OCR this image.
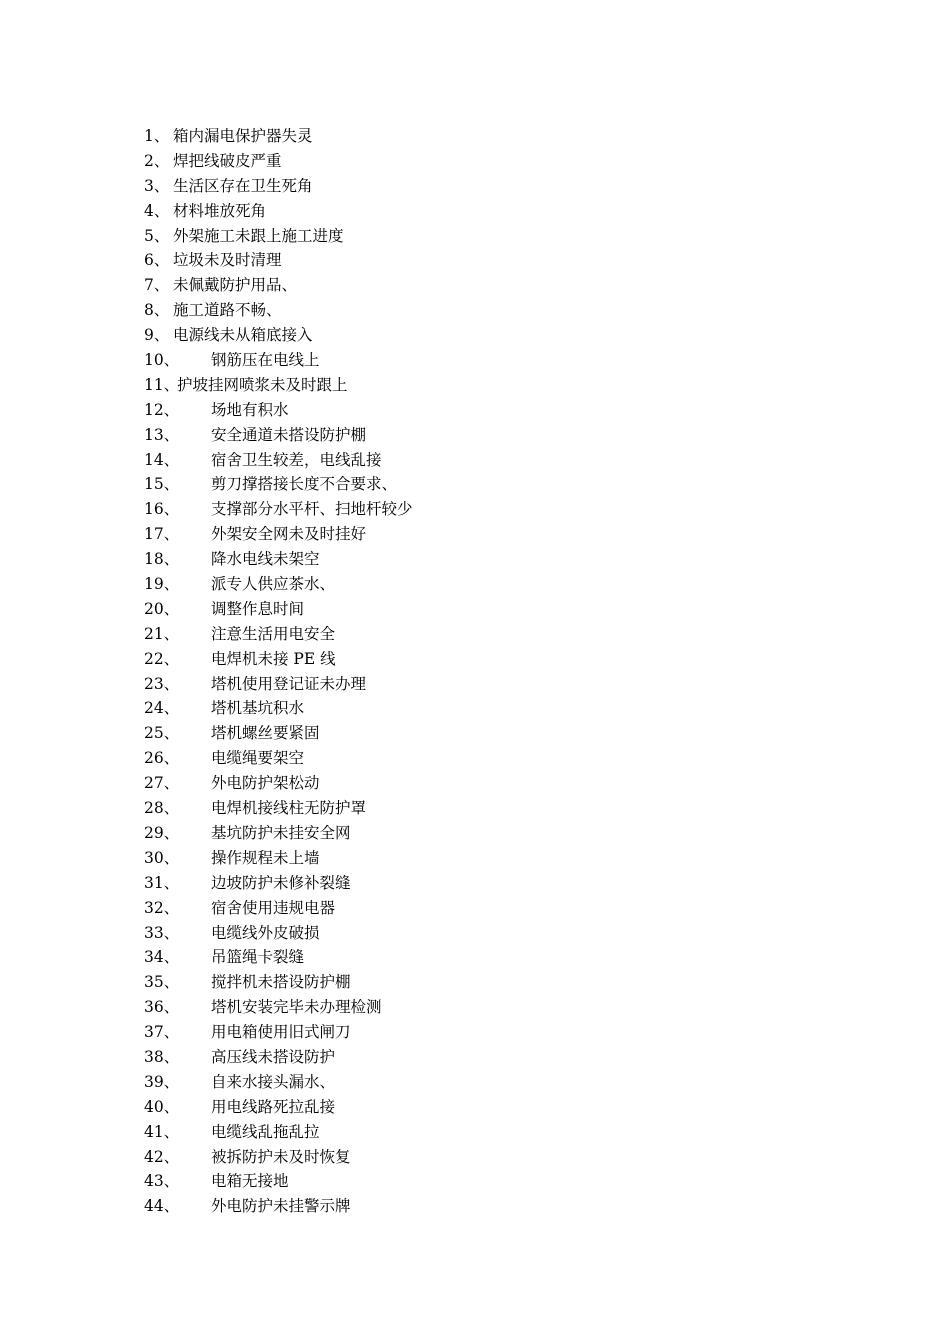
1、 箱内漏电保护器失灵
2、 焊把线破皮严重
3、 生活区存在卫生死角
4、 材料堆放死角
5、 外架施工未跟上施工进度
6、 垃圾未及时清理
7、 未佩戴防护用品、
8、 施工道路不畅、
9、 电源线未从箱底接入
10、 钢筋压在电线上
11、护坡挂网喷浆未及时跟上
12、 场地有积水
13、 安全通道未搭设防护棚
14、 宿舍卫生较差，电线乱接
15、 剪刀撑搭接长度不合要求、
16、 支撑部分水平杆、扫地杆较少
17、 外架安全网未及时挂好
18、 降水电线未架空
19、 派专人供应茶水、
20、 调整作息时间
21、 注意生活用电安全
22、 电焊机未接 PE 线
23、 塔机使用登记证未办理
24、 塔机基坑积水
25、 塔机螺丝要紧固
26、 电缆绳要架空
27、 外电防护架松动
28、 电焊机接线柱无防护罩
29、 基坑防护未挂安全网
30、 操作规程未上墙
31、 边坡防护未修补裂缝
32、 宿舍使用违规电器
33、 电缆线外皮破损
34、 吊篮绳卡裂缝
35、 搅拌机未搭设防护棚
36、 塔机安装完毕未办理检测
37、 用电箱使用旧式闸刀
38、 高压线未搭设防护
39、 自来水接头漏水、
40、 用电线路死拉乱接
41、 电缆线乱拖乱拉
42、 被拆防护未及时恢复
43、 电箱无接地
44、 外电防护未挂警示牌
